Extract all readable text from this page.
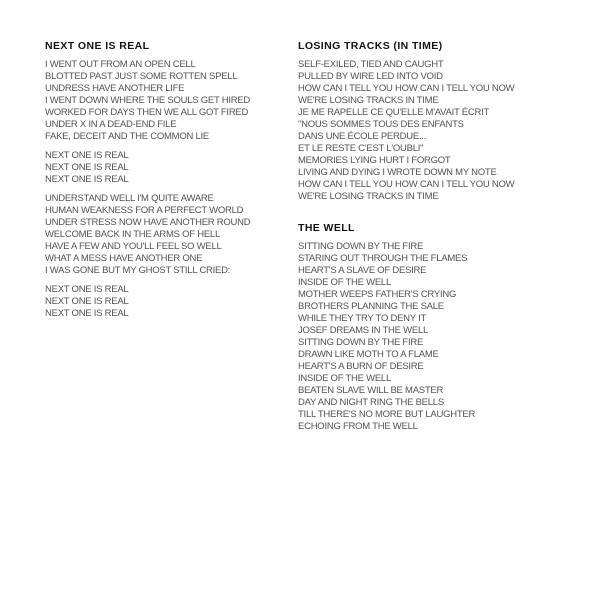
NEXT ONE IS REAL

I WENT OUT FROM AN OPEN CELL
BLOTTED PAST JUST SOME ROTTEN SPELL
UNDRESS HAVE ANOTHER LIFE
I WENT DOWN WHERE THE SOULS GET HIRED
WORKED FOR DAYS THEN WE ALL GOT FIRED
UNDER X IN A DEAD-END FILE
FAKE, DECEIT AND THE COMMON LIE

NEXT ONE IS REAL
NEXT ONE IS REAL
NEXT ONE IS REAL

UNDERSTAND WELL I'M QUITE AWARE
HUMAN WEAKNESS FOR A PERFECT WORLD
UNDER STRESS NOW HAVE ANOTHER ROUND
WELCOME BACK IN THE ARMS OF HELL
HAVE A FEW AND YOU'LL FEEL SO WELL
WHAT A MESS HAVE ANOTHER ONE
I WAS GONE BUT MY GHOST STILL CRIED:

NEXT ONE IS REAL
NEXT ONE IS REAL
NEXT ONE IS REAL

LOSING TRACKS (IN TIME)

SELF-EXILED, TIED AND CAUGHT
PULLED BY WIRE LED INTO VOID
HOW CAN I TELL YOU HOW CAN I TELL YOU NOW
WE'RE LOSING TRACKS IN TIME
JE ME RAPELLE CE QU'ELLE M'AVAIT ÉCRIT
"NOUS SOMMES TOUS DES ENFANTS
DANS UNE ÉCOLE PERDUE...
ET LE RESTE C'EST L'OUBLI"
MEMORIES LYING HURT I FORGOT
LIVING AND DYING I WROTE DOWN MY NOTE
HOW CAN I TELL YOU HOW CAN I TELL YOU NOW
WE'RE LOSING TRACKS IN TIME

THE WELL

SITTING DOWN BY THE FIRE
STARING OUT THROUGH THE FLAMES
HEART'S A SLAVE OF DESIRE
INSIDE OF THE WELL
MOTHER WEEPS FATHER'S CRYING
BROTHERS PLANNING THE SALE
WHILE THEY TRY TO DENY IT
JOSEF DREAMS IN THE WELL
SITTING DOWN BY THE FIRE
DRAWN LIKE MOTH TO A FLAME
HEART'S A BURN OF DESIRE
INSIDE OF THE WELL
BEATEN SLAVE WILL BE MASTER
DAY AND NIGHT RING THE BELLS
TILL THERE'S NO MORE BUT LAUGHTER
ECHOING FROM THE WELL
